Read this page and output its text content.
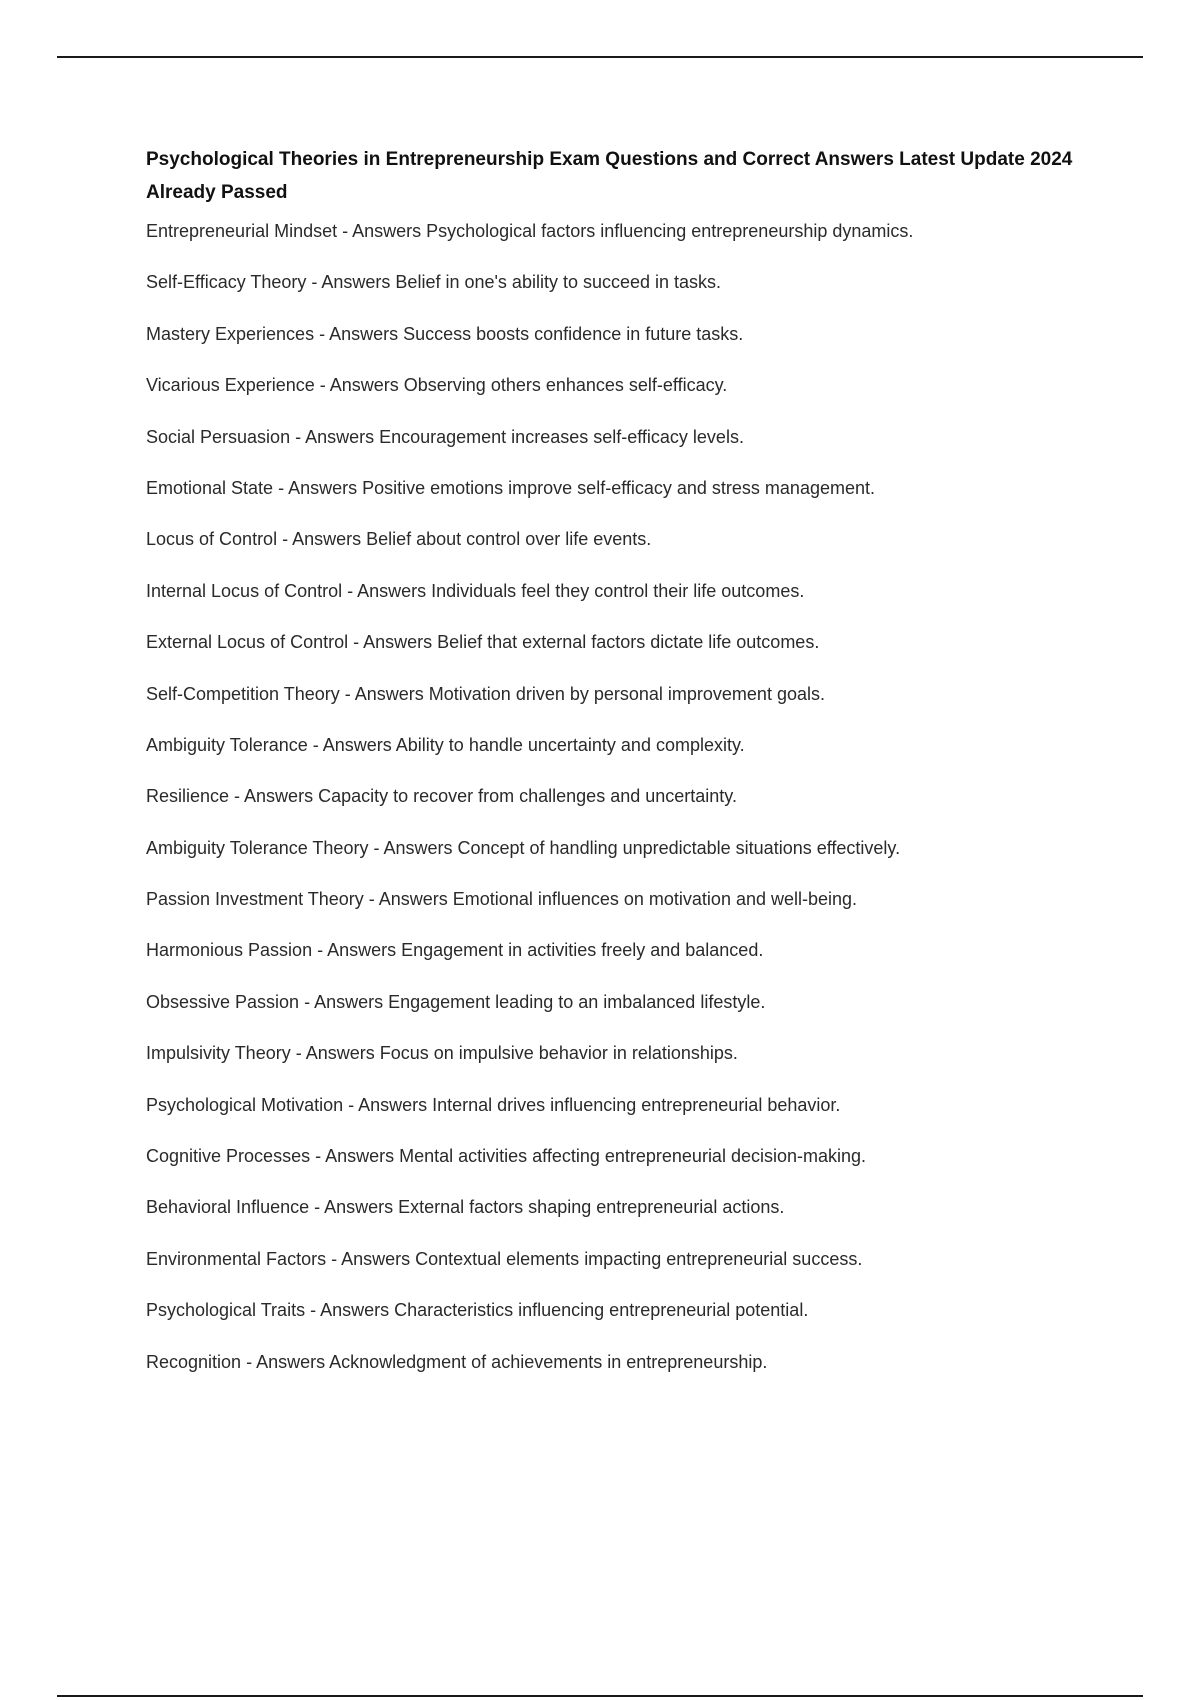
Psychological Theories in Entrepreneurship Exam Questions and Correct Answers Latest Update 2024 Already Passed
Entrepreneurial Mindset - Answers Psychological factors influencing entrepreneurship dynamics.
Self-Efficacy Theory - Answers Belief in one's ability to succeed in tasks.
Mastery Experiences - Answers Success boosts confidence in future tasks.
Vicarious Experience - Answers Observing others enhances self-efficacy.
Social Persuasion - Answers Encouragement increases self-efficacy levels.
Emotional State - Answers Positive emotions improve self-efficacy and stress management.
Locus of Control - Answers Belief about control over life events.
Internal Locus of Control - Answers Individuals feel they control their life outcomes.
External Locus of Control - Answers Belief that external factors dictate life outcomes.
Self-Competition Theory - Answers Motivation driven by personal improvement goals.
Ambiguity Tolerance - Answers Ability to handle uncertainty and complexity.
Resilience - Answers Capacity to recover from challenges and uncertainty.
Ambiguity Tolerance Theory - Answers Concept of handling unpredictable situations effectively.
Passion Investment Theory - Answers Emotional influences on motivation and well-being.
Harmonious Passion - Answers Engagement in activities freely and balanced.
Obsessive Passion - Answers Engagement leading to an imbalanced lifestyle.
Impulsivity Theory - Answers Focus on impulsive behavior in relationships.
Psychological Motivation - Answers Internal drives influencing entrepreneurial behavior.
Cognitive Processes - Answers Mental activities affecting entrepreneurial decision-making.
Behavioral Influence - Answers External factors shaping entrepreneurial actions.
Environmental Factors - Answers Contextual elements impacting entrepreneurial success.
Psychological Traits - Answers Characteristics influencing entrepreneurial potential.
Recognition - Answers Acknowledgment of achievements in entrepreneurship.
